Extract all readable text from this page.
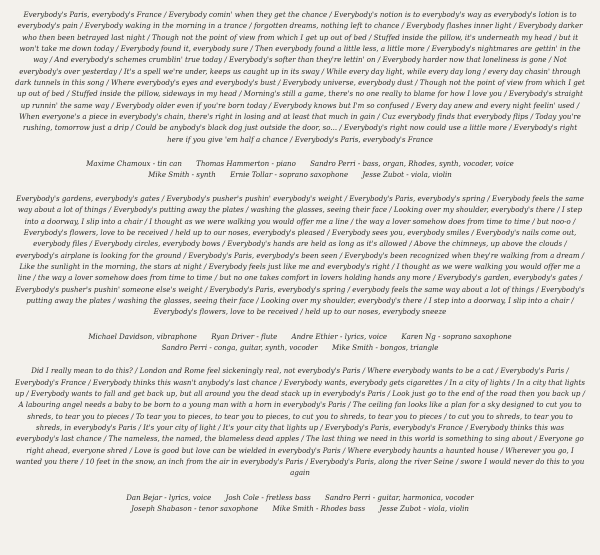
Everybody's Paris, everybody's France / Everybody comin' when they get the chance / Everybody's notion is to everybody's way as everybody's lotion is to everybody's pain / Everybody waking in the morning in a trance / forgotten dreams, nothing left to chance / Everybody flashes inner light / Everybody darker who then been betrayed last night / Though not the point of view from which I get up out of bed / Stuffed inside the pillow, it's underneath my head / but it won't take me down today / Everybody found it, everybody sure / Then everybody found a little less, a little more / Everybody's nightmares are gettin' in the way / And everybody's schemes crumblin' true today / Everybody's softer than they're lettin' on / Everybody harder now that loneliness is gone / Not everybody's over yesterday / It's a spell we're under, keeps us caught up in its sway / While every day light, while every day long / every day chasin' through dark tunnels in this song / Where everybody's eyes and everybody's bust / Everybody universe, everybody dust / Though not the point of view from which I get up out of bed / Stuffed inside the pillow, sideways in my head / Morning's still a game, there's no one really to blame for how I love you / Everybody's straight up runnin' the same way / Everybody older even if you're born today / Everybody knows but I'm so confused / Every day anew and every night feelin' used / When everyone's a piece in everybody's chain, there's right in losing and at least that much in gain / Cuz everybody finds that everybody flips / Today you're rushing, tomorrow just a drip / Could be anybody's black dog just outside the door, so... / Everybody's right now could use a little more / Everybody's right here if you give 'em half a chance / Everybody's Paris, everybody's France

Maxime Chamoux - tin can Thomas Hammerton - piano Sandro Perri - bass, organ, Rhodes, synth, vocoder, voice
Mike Smith - synth Ernie Tollar - soprano saxophone Jesse Zubot - viola, violin

Everybody's gardens, everybody's gates / Everybody's pusher's pushin' everybody's weight / Everybody's Paris, everybody's spring / Everybody feels the same way about a lot of things / Everybody's putting away the plates / washing the glasses, seeing their face / Looking over my shoulder, everybody's there / I step into a doorway, I slip into a chair / I thought as we were walking you would offer me a line / the way a lover somehow does from time to time / but noo-o / Everybody's flowers, love to be received / held up to our noses, everybody's pleased / Everybody sees you, everybody smiles / Everybody's nails come out, everybody files / Everybody circles, everybody bows / Everybody's hands are held as long as it's allowed / Above the chimneys, up above the clouds / everybody's airplane is looking for the ground / Everybody's Paris, everybody's been seen / Everybody's been recognized when they're walking from a dream / Like the sunlight in the morning, the stars at night / Everybody feels just like me and everybody's right / I thought as we were walking you would offer me a line / the way a lover somehow does from time to time / but no one takes comfort in lovers holding hands any more / Everybody's garden, everybody's gates / Everybody's pusher's pushin' someone else's weight / Everybody's Paris, everybody's spring / everybody feels the same way about a lot of things / Everybody's putting away the plates / washing the glasses, seeing their face / Looking over my shoulder, everybody's there / I step into a doorway, I slip into a chair / Everybody's flowers, love to be received / held up to our noses, everybody sneeze

Michael Davidson, vibraphone Ryan Driver - flute Andre Ethier - lyrics, voice Karen Ng - soprano saxophone
Sandro Perri - conga, guitar, synth, vocoder Mike Smith - bongos, triangle

Did I really mean to do this? / London and Rome feel sickeningly real, not everybody's Paris / Where everybody wants to be a cat / Everybody's Paris / Everybody's France / Everybody thinks this wasn't anybody's last chance / Everybody wants, everybody gets cigarettes / In a city of lights / In a city that lights up / Everybody wants to fall and get back up, but all around you the dead stack up in everybody's Paris / Look just go to the end of the road then you back up / A labouring angel needs a baby to be born to a young man with a horn in everybody's Paris / The ceiling fan looks like a plan for a sky designed to cut you to shreds, to tear you to pieces / To tear you to pieces, to tear you to pieces, to cut you to shreds, to tear you to pieces / to cut you to shreds, to tear you to shreds, in everybody's Paris / It's your city of light / It's your city that lights up / Everybody's Paris, everybody's France / Everybody thinks this was everybody's last chance / The nameless, the named, the blameless dead apples / The last thing we need in this world is something to sing about / Everyone go right ahead, everyone shred / Love is good but love can be wielded in everybody's Paris / Where everybody haunts a haunted house / Wherever you go, I wanted you there / 10 feet in the snow, an inch from the air in everybody's Paris / Everybody's Paris, along the river Seine / swore I would never do this to you again

Dan Bejar - lyrics, voice Josh Cole - fretless bass Sandro Perri - guitar, harmonica, vocoder
Joseph Shabason - tenor saxophone Mike Smith - Rhodes bass Jesse Zubot - viola, violin
